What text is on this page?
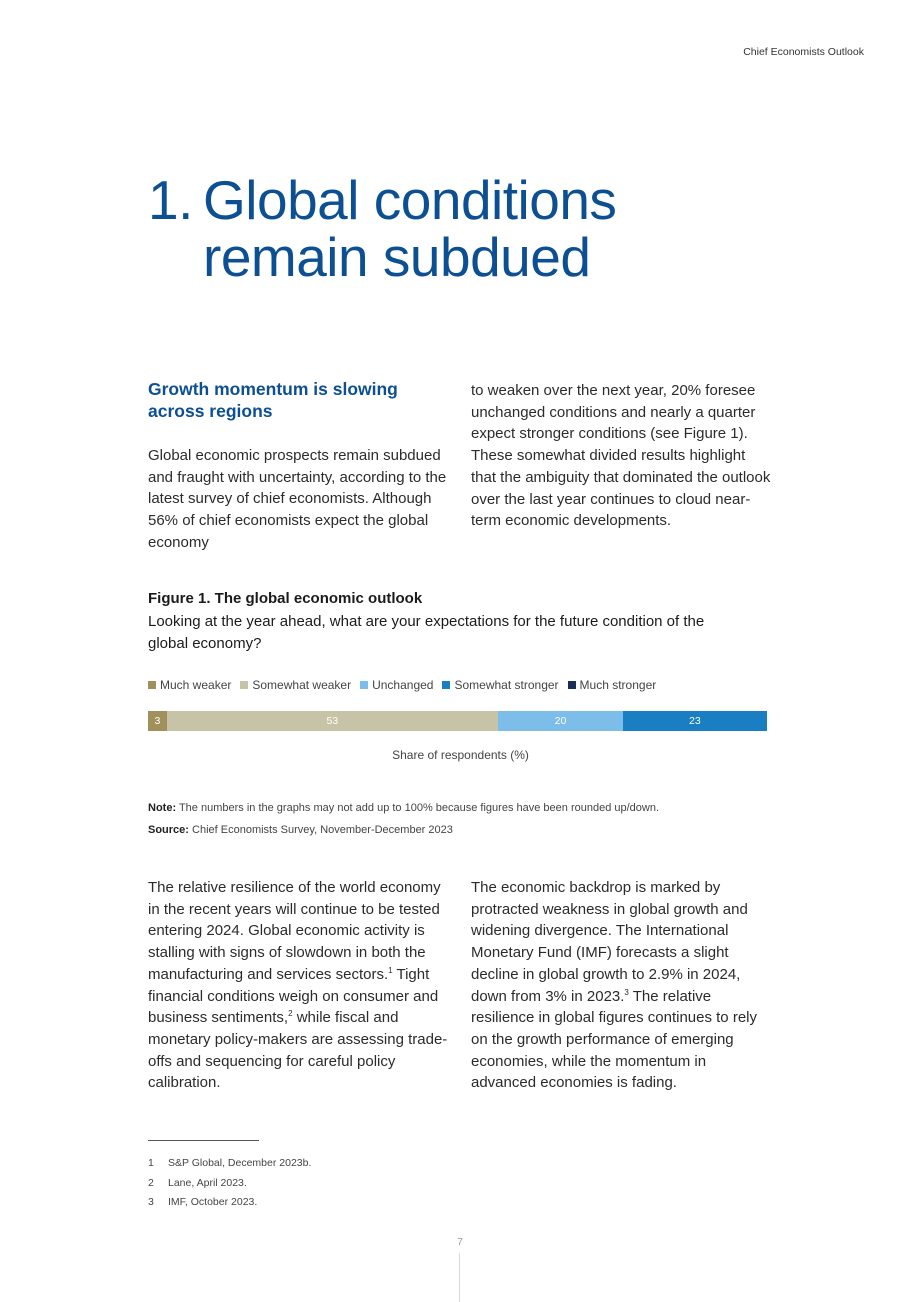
Chief Economists Outlook
1. Global conditions remain subdued
Growth momentum is slowing across regions

Global economic prospects remain subdued and fraught with uncertainty, according to the latest survey of chief economists. Although 56% of chief economists expect the global economy

to weaken over the next year, 20% foresee unchanged conditions and nearly a quarter expect stronger conditions (see Figure 1). These somewhat divided results highlight that the ambiguity that dominated the outlook over the last year continues to cloud near-term economic developments.

Figure 1. The global economic outlook
Looking at the year ahead, what are your expectations for the future condition of the global economy?
Much weaker Somewhat weaker Unchanged Somewhat stronger Much stronger
3	53	20	23
Share of respondents (%)
Note: The numbers in the graphs may not add up to 100% because figures have been rounded up/down.
Source: Chief Economists Survey, November-December 2023

The relative resilience of the world economy in the recent years will continue to be tested entering 2024. Global economic activity is stalling with signs of slowdown in both the manufacturing and services sectors.$^1$ Tight financial conditions weigh on consumer and business sentiments,$^2$ while fiscal and monetary policy-makers are assessing trade-offs and sequencing for careful policy calibration.

The economic backdrop is marked by protracted weakness in global growth and widening divergence. The International Monetary Fund (IMF) forecasts a slight decline in global growth to 2.9% in 2024, down from 3% in 2023.$^3$ The relative resilience in global figures continues to rely on the growth performance of emerging economies, while the momentum in advanced economies is fading.

1	S&P Global, December 2023b.
2	Lane, April 2023.
3	IMF, October 2023.
7
